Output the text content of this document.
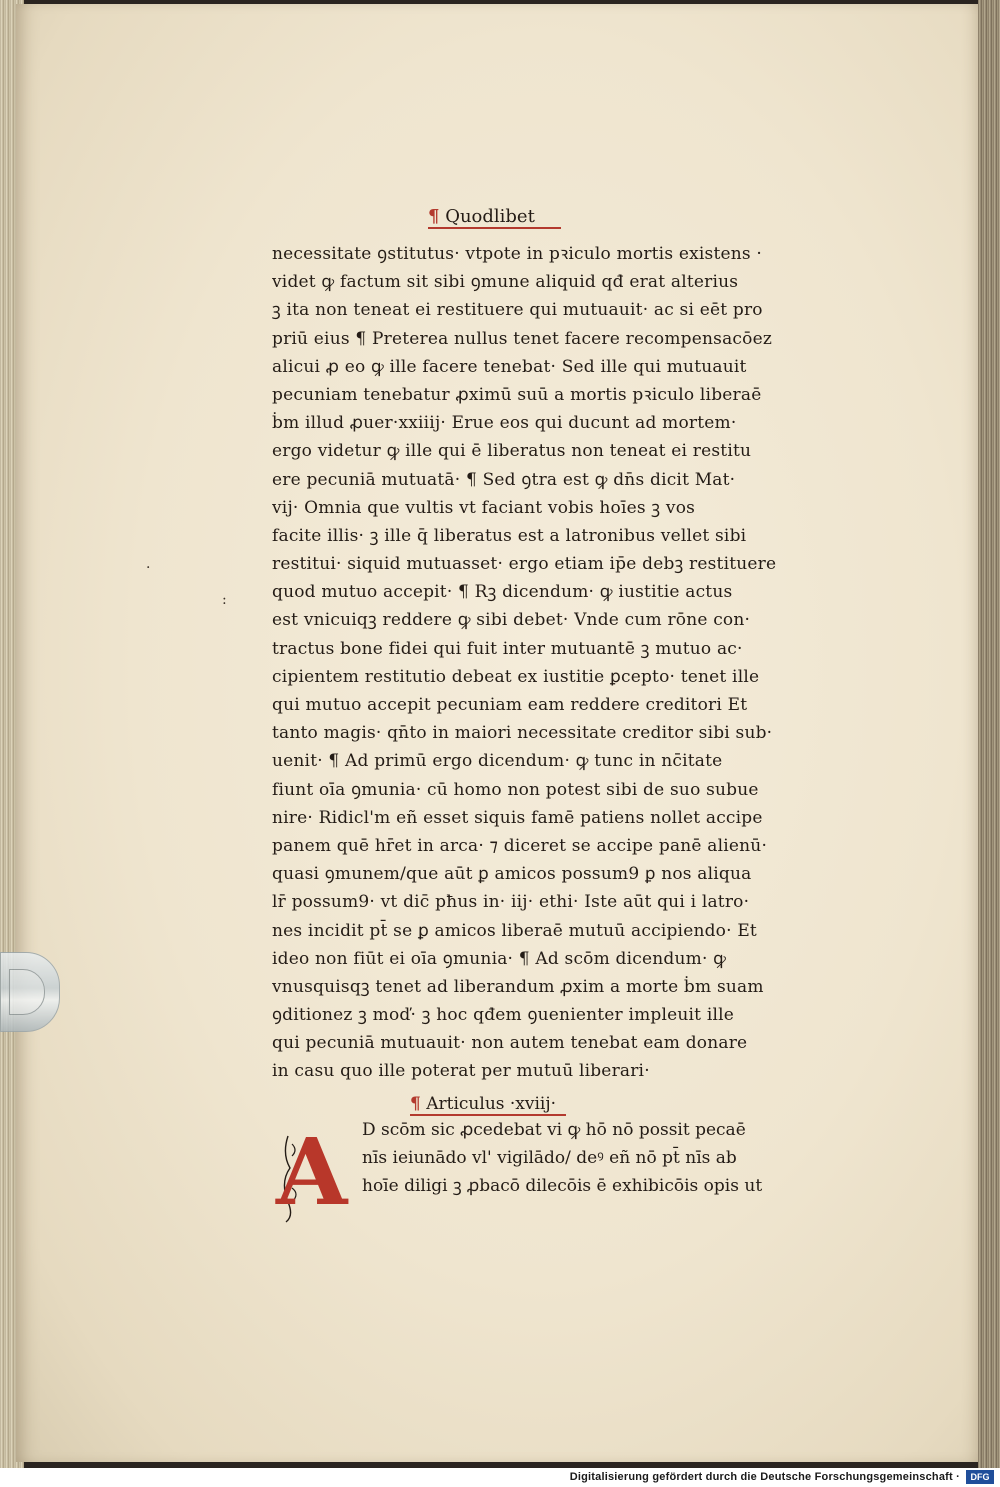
¶ Quodlibet
necessitate ꝯstitutus· vtpote in pꝛiculo mortis existens ·
videt ꝙ factum sit sibi ꝯmune aliquid qđ erat alterius
ꝫ ita non teneat ei restituere qui mutuauit· ac si eēt pro
priū eius ¶ Preterea nullus tenet facere recompensacōez
alicui ꝓ eo ꝙ ille facere tenebat· Sed ille qui mutuauit
pecuniam tenebatur ꝓximū suū a mortis pꝛiculo liberaē
ḃm illud ꝓuer·xxiiij· Erue eos qui ducunt ad mortem·
ergo videtur ꝙ ille qui ē liberatus non teneat ei restitu
ere pecuniā mutuatā· ¶ Sed ꝯtra est ꝙ dn̄s dicit Mat·
vij· Omnia que vultis vt faciant vobis hoīes ꝫ vos
facite illis· ꝫ ille q̄ liberatus est a latronibus vellet sibi
restitui· siquid mutuasset· ergo etiam ip̄e debꝫ restituere
quod mutuo accepit· ¶ Rꝫ dicendum· ꝙ iustitie actus
est vnicuiqꝫ reddere ꝙ sibi debet· Vnde cum rōne con·
tractus bone fidei qui fuit inter mutuantē ꝫ mutuo ac·
cipientem restitutio debeat ex iustitie ꝑcepto· tenet ille
qui mutuo accepit pecuniam eam reddere creditori Et
tanto magis· qn̄to in maiori necessitate creditor sibi sub·
uenit· ¶ Ad primū ergo dicendum· ꝙ tunc in nc̄itate
fiunt oīa ꝯmunia· cū homo non potest sibi de suo subue
nire· Ridicl'm eñ esset siquis famē patiens nollet accipe
panem quē hr̄et in arca· ⁊ diceret se accipe panē alienū·
quasi ꝯmunem/que aūt ꝑ amicos possum9 ꝑ nos aliqua
lr̄ possum9· vt dic̄ pħus in· iij· ethi· Iste aūt qui i latro·
nes incidit pt̄ se ꝑ amicos liberaē mutuū accipiendo· Et
ideo non fiūt ei oīa ꝯmunia· ¶ Ad scōm dicendum· ꝙ
vnusquisqꝫ tenet ad liberandum ꝓxim a morte ḃm suam
ꝯditionez ꝫ moď· ꝫ hoc qđem ꝯuenienter impleuit ille
qui pecuniā mutuauit· non autem tenebat eam donare
in casu quo ille poterat per mutuū liberari·
¶ Articulus ·xviij·
A D scōm sic ꝓcedebat vi ꝙ hō nō possit pecaē
nīs ieiunādo vl' vigilādo/ deꝰ eñ nō pt̄ nīs ab
hoīe diligi ꝫ ꝓbacō dilecōis ē exhibicōis opis ut
·
:
Digitalisierung gefördert durch die Deutsche Forschungsgemeinschaft ·	DFG
